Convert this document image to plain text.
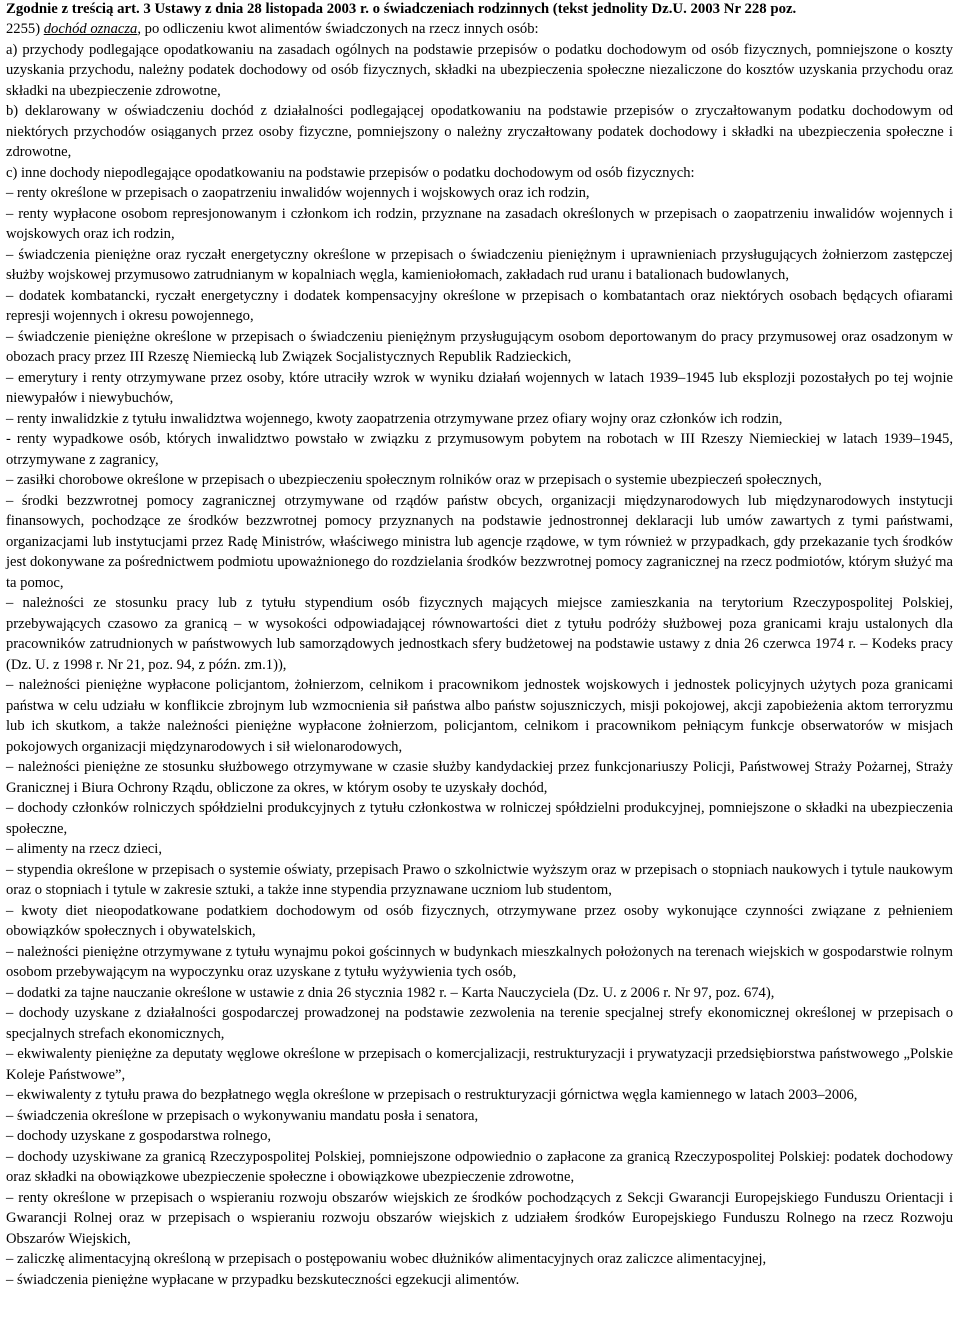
Zgodnie z treścią art. 3 Ustawy z dnia 28 listopada 2003 r. o świadczeniach rodzinnych (tekst jednolity Dz.U. 2003 Nr 228 poz.

2255) dochód oznacza, po odliczeniu kwot alimentów świadczonych na rzecz innych osób:

a) przychody podlegające opodatkowaniu na zasadach ogólnych na podstawie przepisów o podatku dochodowym od osób fizycznych, pomniejszone o koszty uzyskania przychodu, należny podatek dochodowy od osób fizycznych, składki na ubezpieczenia społeczne niezaliczone do kosztów uzyskania przychodu oraz składki na ubezpieczenie zdrowotne,

b) deklarowany w oświadczeniu dochód z działalności podlegającej opodatkowaniu na podstawie przepisów o zryczałtowanym podatku dochodowym od niektórych przychodów osiąganych przez osoby fizyczne, pomniejszony o należny zryczałtowany podatek dochodowy i składki na ubezpieczenia społeczne i zdrowotne,

c) inne dochody niepodlegające opodatkowaniu na podstawie przepisów o podatku dochodowym od osób fizycznych:

– renty określone w przepisach o zaopatrzeniu inwalidów wojennych i wojskowych oraz ich rodzin,

– renty wypłacone osobom represjonowanym i członkom ich rodzin, przyznane na zasadach określonych w przepisach o zaopatrzeniu inwalidów wojennych i wojskowych oraz ich rodzin,

– świadczenia pieniężne oraz ryczałt energetyczny określone w przepisach o świadczeniu pieniężnym i uprawnieniach przysługujących żołnierzom zastępczej służby wojskowej przymusowo zatrudnianym w kopalniach węgla, kamieniołomach, zakładach rud uranu i batalionach budowlanych,

– dodatek kombatancki, ryczałt energetyczny i dodatek kompensacyjny określone w przepisach o kombatantach oraz niektórych osobach będących ofiarami represji wojennych i okresu powojennego,

– świadczenie pieniężne określone w przepisach o świadczeniu pieniężnym przysługującym osobom deportowanym do pracy przymusowej oraz osadzonym w obozach pracy przez III Rzeszę Niemiecką lub Związek Socjalistycznych Republik Radzieckich,

– emerytury i renty otrzymywane przez osoby, które utraciły wzrok w wyniku działań wojennych w latach 1939–1945 lub eksplozji pozostałych po tej wojnie niewypałów i niewybuchów,

– renty inwalidzkie z tytułu inwalidztwa wojennego, kwoty zaopatrzenia otrzymywane przez ofiary wojny oraz członków ich rodzin,

- renty wypadkowe osób, których inwalidztwo powstało w związku z przymusowym pobytem na robotach w III Rzeszy Niemieckiej w latach 1939–1945, otrzymywane z zagranicy,

– zasiłki chorobowe określone w przepisach o ubezpieczeniu społecznym rolników oraz w przepisach o systemie ubezpieczeń społecznych,

– środki bezzwrotnej pomocy zagranicznej otrzymywane od rządów państw obcych, organizacji międzynarodowych lub międzynarodowych instytucji finansowych, pochodzące ze środków bezzwrotnej pomocy przyznanych na podstawie jednostronnej deklaracji lub umów zawartych z tymi państwami, organizacjami lub instytucjami przez Radę Ministrów, właściwego ministra lub agencje rządowe, w tym również w przypadkach, gdy przekazanie tych środków jest dokonywane za pośrednictwem podmiotu upoważnionego do rozdzielania środków bezzwrotnej pomocy zagranicznej na rzecz podmiotów, którym służyć ma ta pomoc,

– należności ze stosunku pracy lub z tytułu stypendium osób fizycznych mających miejsce zamieszkania na terytorium Rzeczypospolitej Polskiej, przebywających czasowo za granicą – w wysokości odpowiadającej równowartości diet z tytułu podróży służbowej poza granicami kraju ustalonych dla pracowników zatrudnionych w państwowych lub samorządowych jednostkach sfery budżetowej na podstawie ustawy z dnia 26 czerwca 1974 r. – Kodeks pracy (Dz. U. z 1998 r. Nr 21, poz. 94, z późn. zm.1)),

– należności pieniężne wypłacone policjantom, żołnierzom, celnikom i pracownikom jednostek wojskowych i jednostek policyjnych użytych poza granicami państwa w celu udziału w konflikcie zbrojnym lub wzmocnienia sił państwa albo państw sojuszniczych, misji pokojowej, akcji zapobieżenia aktom terroryzmu lub ich skutkom, a także należności pieniężne wypłacone żołnierzom, policjantom, celnikom i pracownikom pełniącym funkcje obserwatorów w misjach pokojowych organizacji międzynarodowych i sił wielonarodowych,

– należności pieniężne ze stosunku służbowego otrzymywane w czasie służby kandydackiej przez funkcjonariuszy Policji, Państwowej Straży Pożarnej, Straży Granicznej i Biura Ochrony Rządu, obliczone za okres, w którym osoby te uzyskały dochód,

– dochody członków rolniczych spółdzielni produkcyjnych z tytułu członkostwa w rolniczej spółdzielni produkcyjnej, pomniejszone o składki na ubezpieczenia społeczne,

– alimenty na rzecz dzieci,

– stypendia określone w przepisach o systemie oświaty, przepisach Prawo o szkolnictwie wyższym oraz w przepisach o stopniach naukowych i tytule naukowym oraz o stopniach i tytule w zakresie sztuki, a także inne stypendia przyznawane uczniom lub studentom,

– kwoty diet nieopodatkowane podatkiem dochodowym od osób fizycznych, otrzymywane przez osoby wykonujące czynności związane z pełnieniem obowiązków społecznych i obywatelskich,

– należności pieniężne otrzymywane z tytułu wynajmu pokoi gościnnych w budynkach mieszkalnych położonych na terenach wiejskich w gospodarstwie rolnym osobom przebywającym na wypoczynku oraz uzyskane z tytułu wyżywienia tych osób,

– dodatki za tajne nauczanie określone w ustawie z dnia 26 stycznia 1982 r. – Karta Nauczyciela (Dz. U. z 2006 r. Nr 97, poz. 674),

– dochody uzyskane z działalności gospodarczej prowadzonej na podstawie zezwolenia na terenie specjalnej strefy ekonomicznej określonej w przepisach o specjalnych strefach ekonomicznych,

– ekwiwalenty pieniężne za deputaty węglowe określone w przepisach o komercjalizacji, restrukturyzacji i prywatyzacji przedsiębiorstwa państwowego „Polskie Koleje Państwowe”,

– ekwiwalenty z tytułu prawa do bezpłatnego węgla określone w przepisach o restrukturyzacji górnictwa węgla kamiennego w latach 2003–2006,

– świadczenia określone w przepisach o wykonywaniu mandatu posła i senatora,

– dochody uzyskane z gospodarstwa rolnego,

– dochody uzyskiwane za granicą Rzeczypospolitej Polskiej, pomniejszone odpowiednio o zapłacone za granicą Rzeczypospolitej Polskiej: podatek dochodowy oraz składki na obowiązkowe ubezpieczenie społeczne i obowiązkowe ubezpieczenie zdrowotne,

– renty określone w przepisach o wspieraniu rozwoju obszarów wiejskich ze środków pochodzących z Sekcji Gwarancji Europejskiego Funduszu Orientacji i Gwarancji Rolnej oraz w przepisach o wspieraniu rozwoju obszarów wiejskich z udziałem środków Europejskiego Funduszu Rolnego na rzecz Rozwoju Obszarów Wiejskich,

– zaliczkę alimentacyjną określoną w przepisach o postępowaniu wobec dłużników alimentacyjnych oraz zaliczce alimentacyjnej,

– świadczenia pieniężne wypłacane w przypadku bezskuteczności egzekucji alimentów.
